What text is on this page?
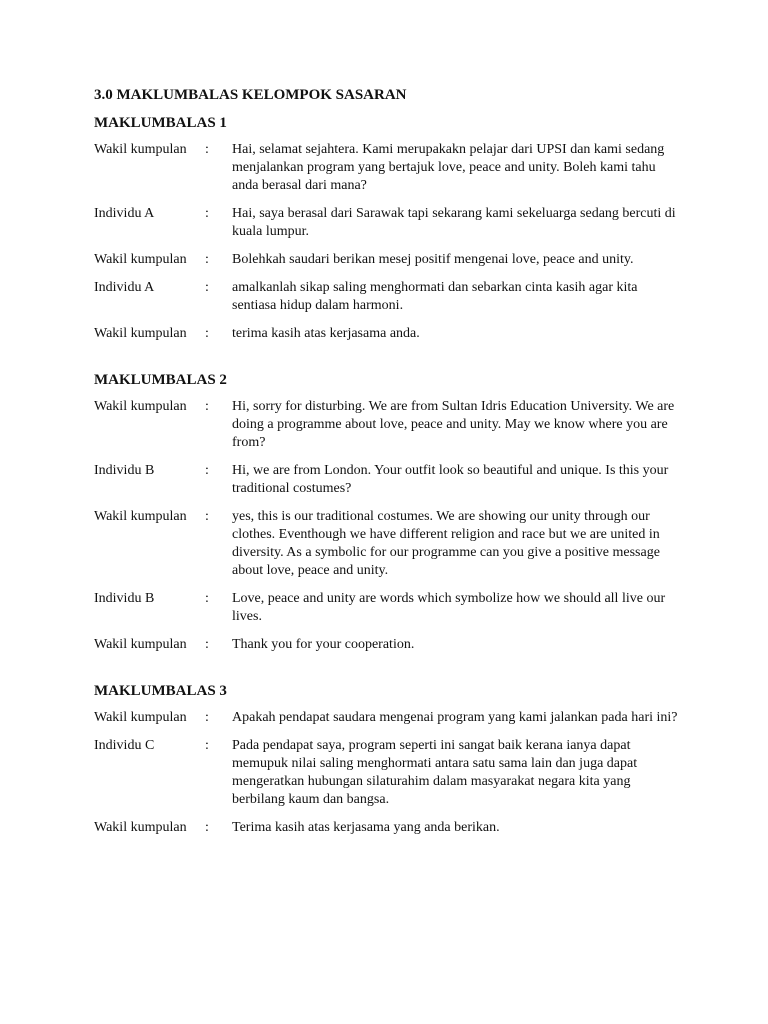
3.0 MAKLUMBALAS KELOMPOK SASARAN
MAKLUMBALAS 1
Wakil kumpulan	:	Hai, selamat sejahtera. Kami merupakakn pelajar dari UPSI dan kami sedang menjalankan program yang bertajuk love, peace and unity. Boleh kami tahu anda berasal dari mana?
Individu A	:	Hai, saya berasal dari Sarawak tapi sekarang kami sekeluarga sedang bercuti di kuala lumpur.
Wakil kumpulan	:	Bolehkah saudari berikan mesej positif mengenai love, peace and unity.
Individu A	:	amalkanlah sikap saling menghormati dan sebarkan cinta kasih agar kita sentiasa hidup dalam harmoni.
Wakil kumpulan	:	terima kasih atas kerjasama anda.
MAKLUMBALAS 2
Wakil kumpulan	:	Hi, sorry for disturbing. We are from Sultan Idris Education University. We are doing a programme about love, peace and unity. May we know where you are from?
Individu B	:	Hi, we are from London. Your outfit look so beautiful and unique. Is this your traditional costumes?
Wakil kumpulan	:	yes, this is our traditional costumes. We are showing our unity through our clothes. Eventhough we have different religion and race but we are united in diversity. As a symbolic for our programme can you give a positive message about love, peace and unity.
Individu B	:	Love, peace and unity are words which symbolize how we should all live our lives.
Wakil kumpulan	:	Thank you for your cooperation.
MAKLUMBALAS 3
Wakil kumpulan	:	Apakah pendapat saudara mengenai program yang kami jalankan pada hari ini?
Individu C	:	Pada pendapat saya, program seperti ini sangat baik kerana ianya dapat memupuk nilai saling menghormati antara satu sama lain dan juga dapat mengeratkan hubungan silaturahim dalam masyarakat negara kita yang berbilang kaum dan bangsa.
Wakil kumpulan	:	Terima kasih atas kerjasama yang anda berikan.
